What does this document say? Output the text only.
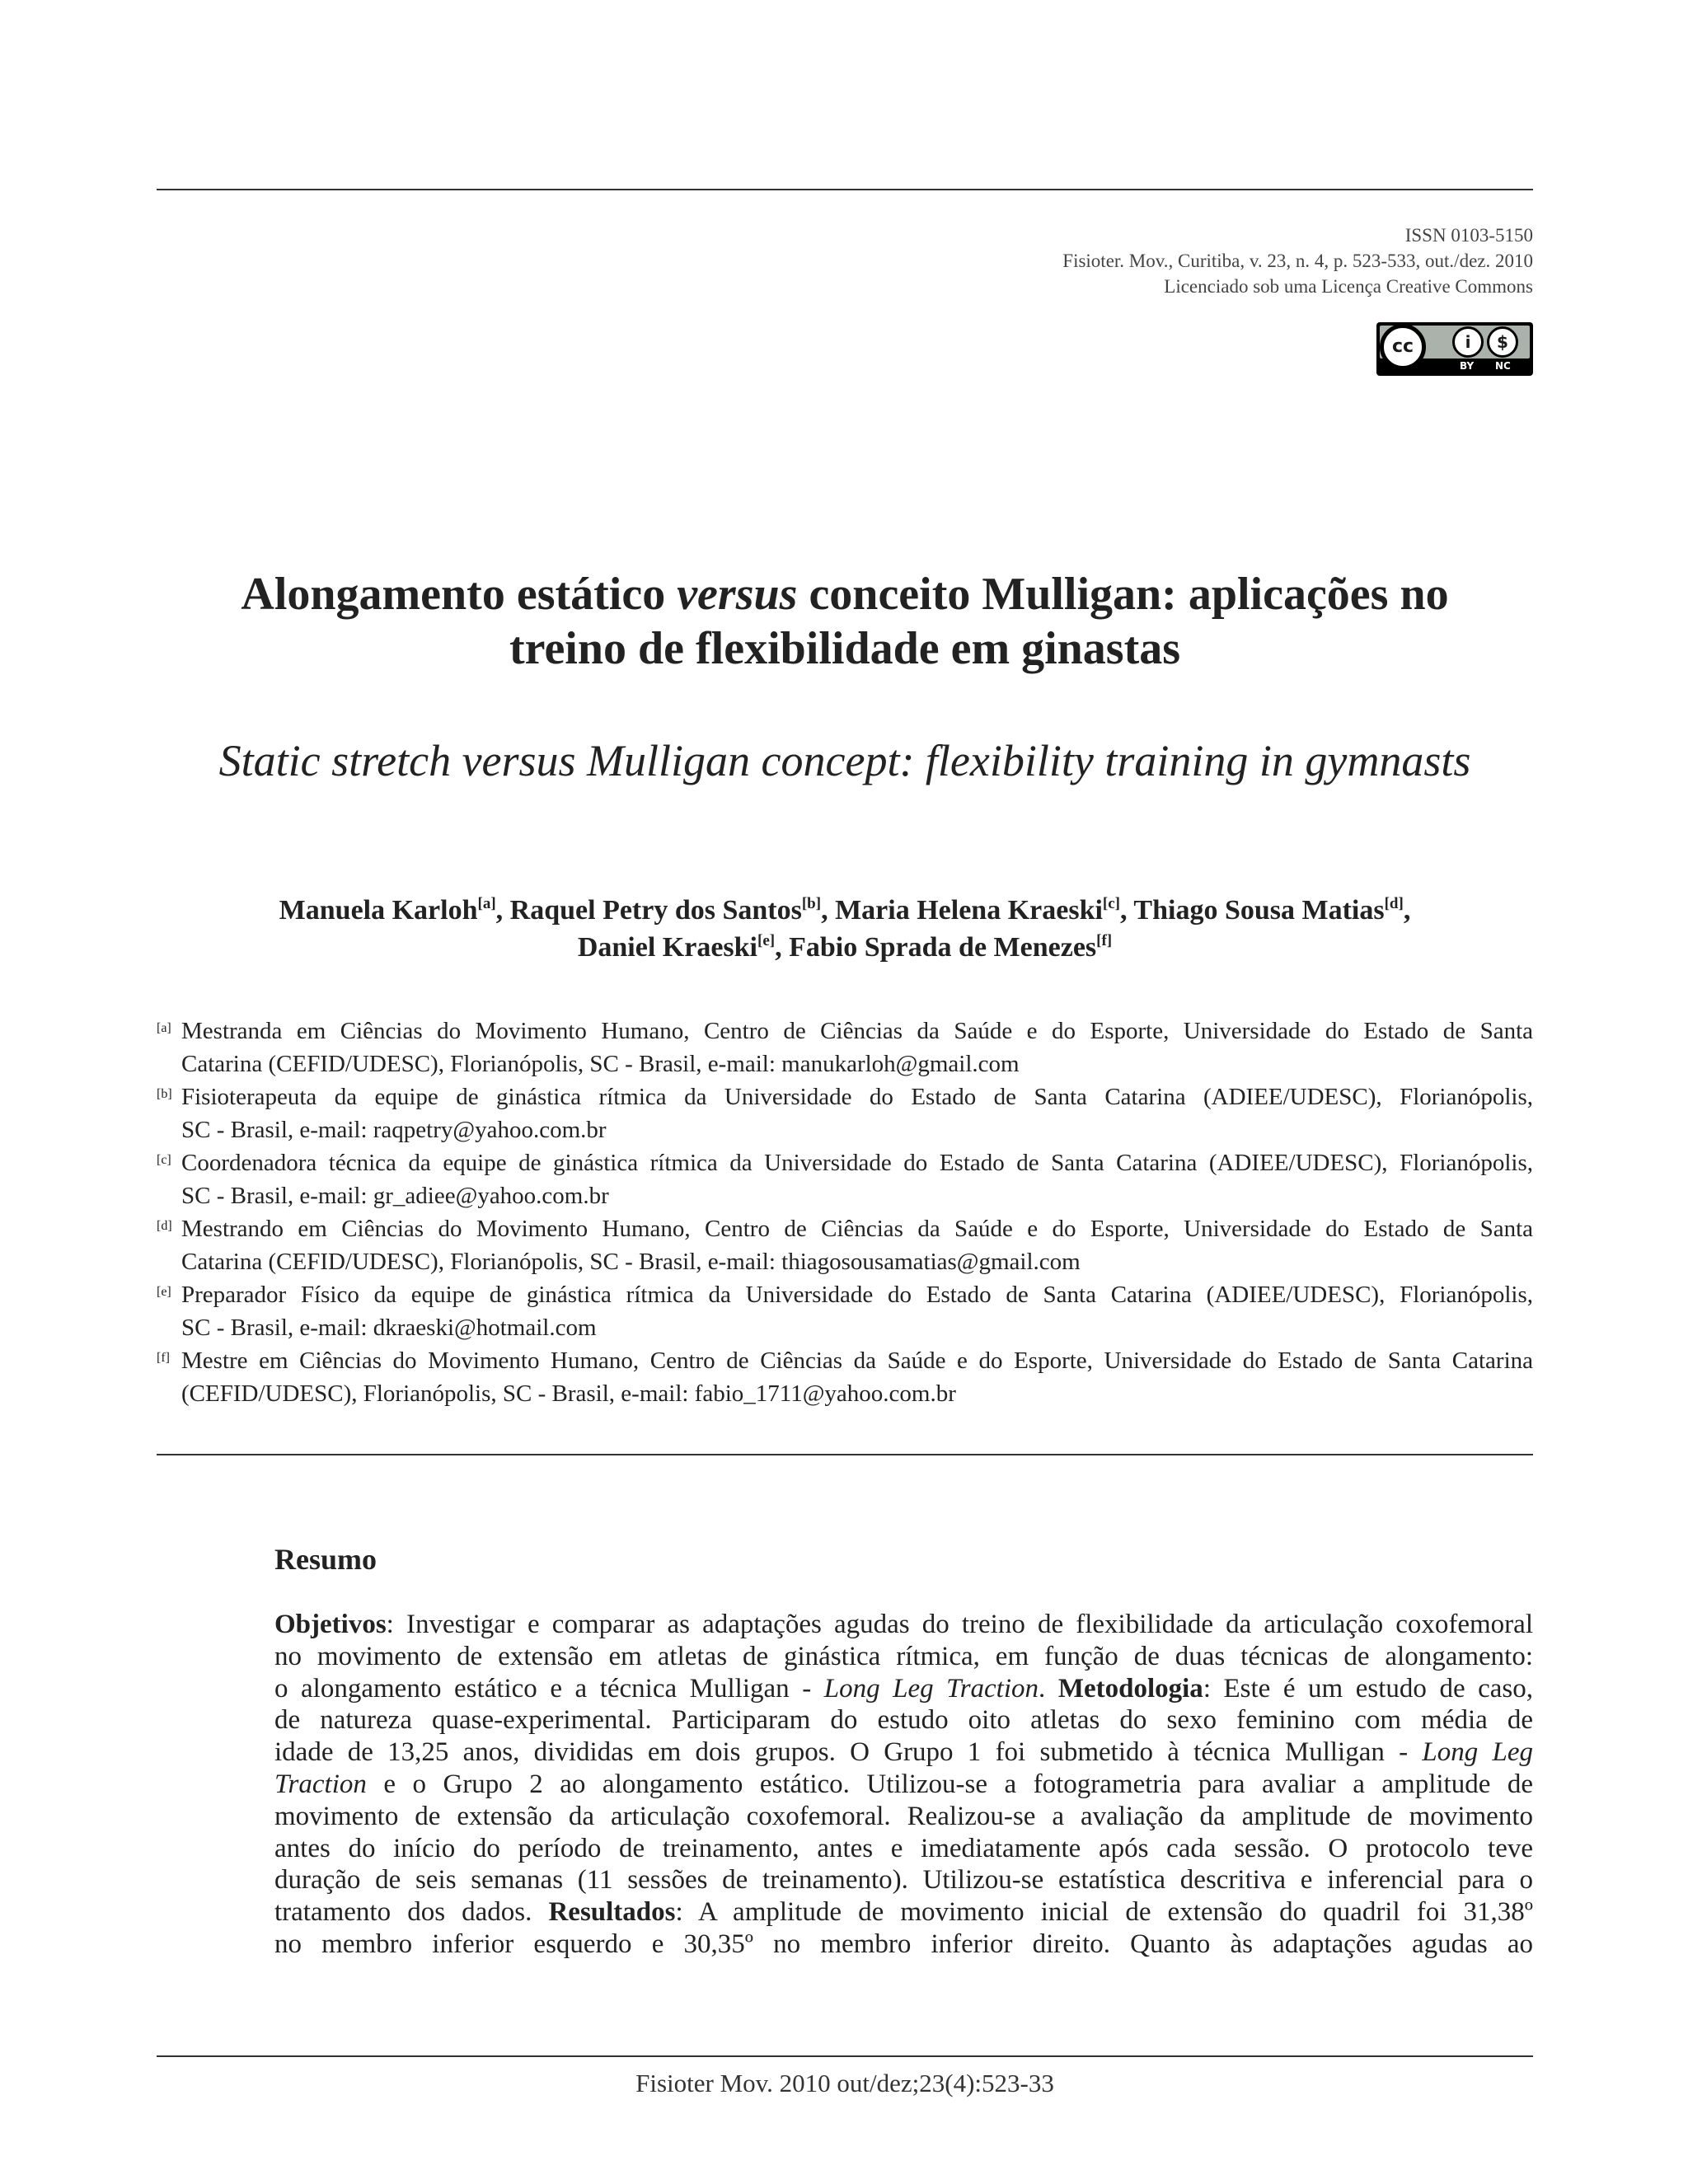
ISSN 0103-5150
Fisioter. Mov., Curitiba, v. 23, n. 4, p. 523-533, out./dez. 2010
Licenciado sob uma Licença Creative Commons
cc	i	$
BY NC
Alongamento estático versus conceito Mulligan: aplicações no
treino de flexibilidade em ginastas
Static stretch versus Mulligan concept: flexibility training in gymnasts
Manuela Karloh[a], Raquel Petry dos Santos[b], Maria Helena Kraeski[c], Thiago Sousa Matias[d],
Daniel Kraeski[e], Fabio Sprada de Menezes[f]
[a] Mestranda em Ciências do Movimento Humano, Centro de Ciências da Saúde e do Esporte, Universidade do Estado de Santa
Catarina (CEFID/UDESC), Florianópolis, SC - Brasil, e-mail: manukarloh@gmail.com
[b] Fisioterapeuta da equipe de ginástica rítmica da Universidade do Estado de Santa Catarina (ADIEE/UDESC), Florianópolis,
SC - Brasil, e-mail: raqpetry@yahoo.com.br
[c] Coordenadora técnica da equipe de ginástica rítmica da Universidade do Estado de Santa Catarina (ADIEE/UDESC), Florianópolis,
SC - Brasil, e-mail: gr_adiee@yahoo.com.br
[d] Mestrando em Ciências do Movimento Humano, Centro de Ciências da Saúde e do Esporte, Universidade do Estado de Santa
Catarina (CEFID/UDESC), Florianópolis, SC - Brasil, e-mail: thiagosousamatias@gmail.com
[e] Preparador Físico da equipe de ginástica rítmica da Universidade do Estado de Santa Catarina (ADIEE/UDESC), Florianópolis,
SC - Brasil, e-mail: dkraeski@hotmail.com
[f] Mestre em Ciências do Movimento Humano, Centro de Ciências da Saúde e do Esporte, Universidade do Estado de Santa Catarina
(CEFID/UDESC), Florianópolis, SC - Brasil, e-mail: fabio_1711@yahoo.com.br
Resumo
Objetivos: Investigar e comparar as adaptações agudas do treino de flexibilidade da articulação coxofemoral
no movimento de extensão em atletas de ginástica rítmica, em função de duas técnicas de alongamento:
o alongamento estático e a técnica Mulligan - Long Leg Traction. Metodologia: Este é um estudo de caso,
de natureza quase-experimental. Participaram do estudo oito atletas do sexo feminino com média de
idade de 13,25 anos, divididas em dois grupos. O Grupo 1 foi submetido à técnica Mulligan - Long Leg
Traction e o Grupo 2 ao alongamento estático. Utilizou-se a fotogrametria para avaliar a amplitude de
movimento de extensão da articulação coxofemoral. Realizou-se a avaliação da amplitude de movimento
antes do início do período de treinamento, antes e imediatamente após cada sessão. O protocolo teve
duração de seis semanas (11 sessões de treinamento). Utilizou-se estatística descritiva e inferencial para o
tratamento dos dados. Resultados: A amplitude de movimento inicial de extensão do quadril foi 31,38º
no membro inferior esquerdo e 30,35º no membro inferior direito. Quanto às adaptações agudas ao
Fisioter Mov. 2010 out/dez;23(4):523-33
